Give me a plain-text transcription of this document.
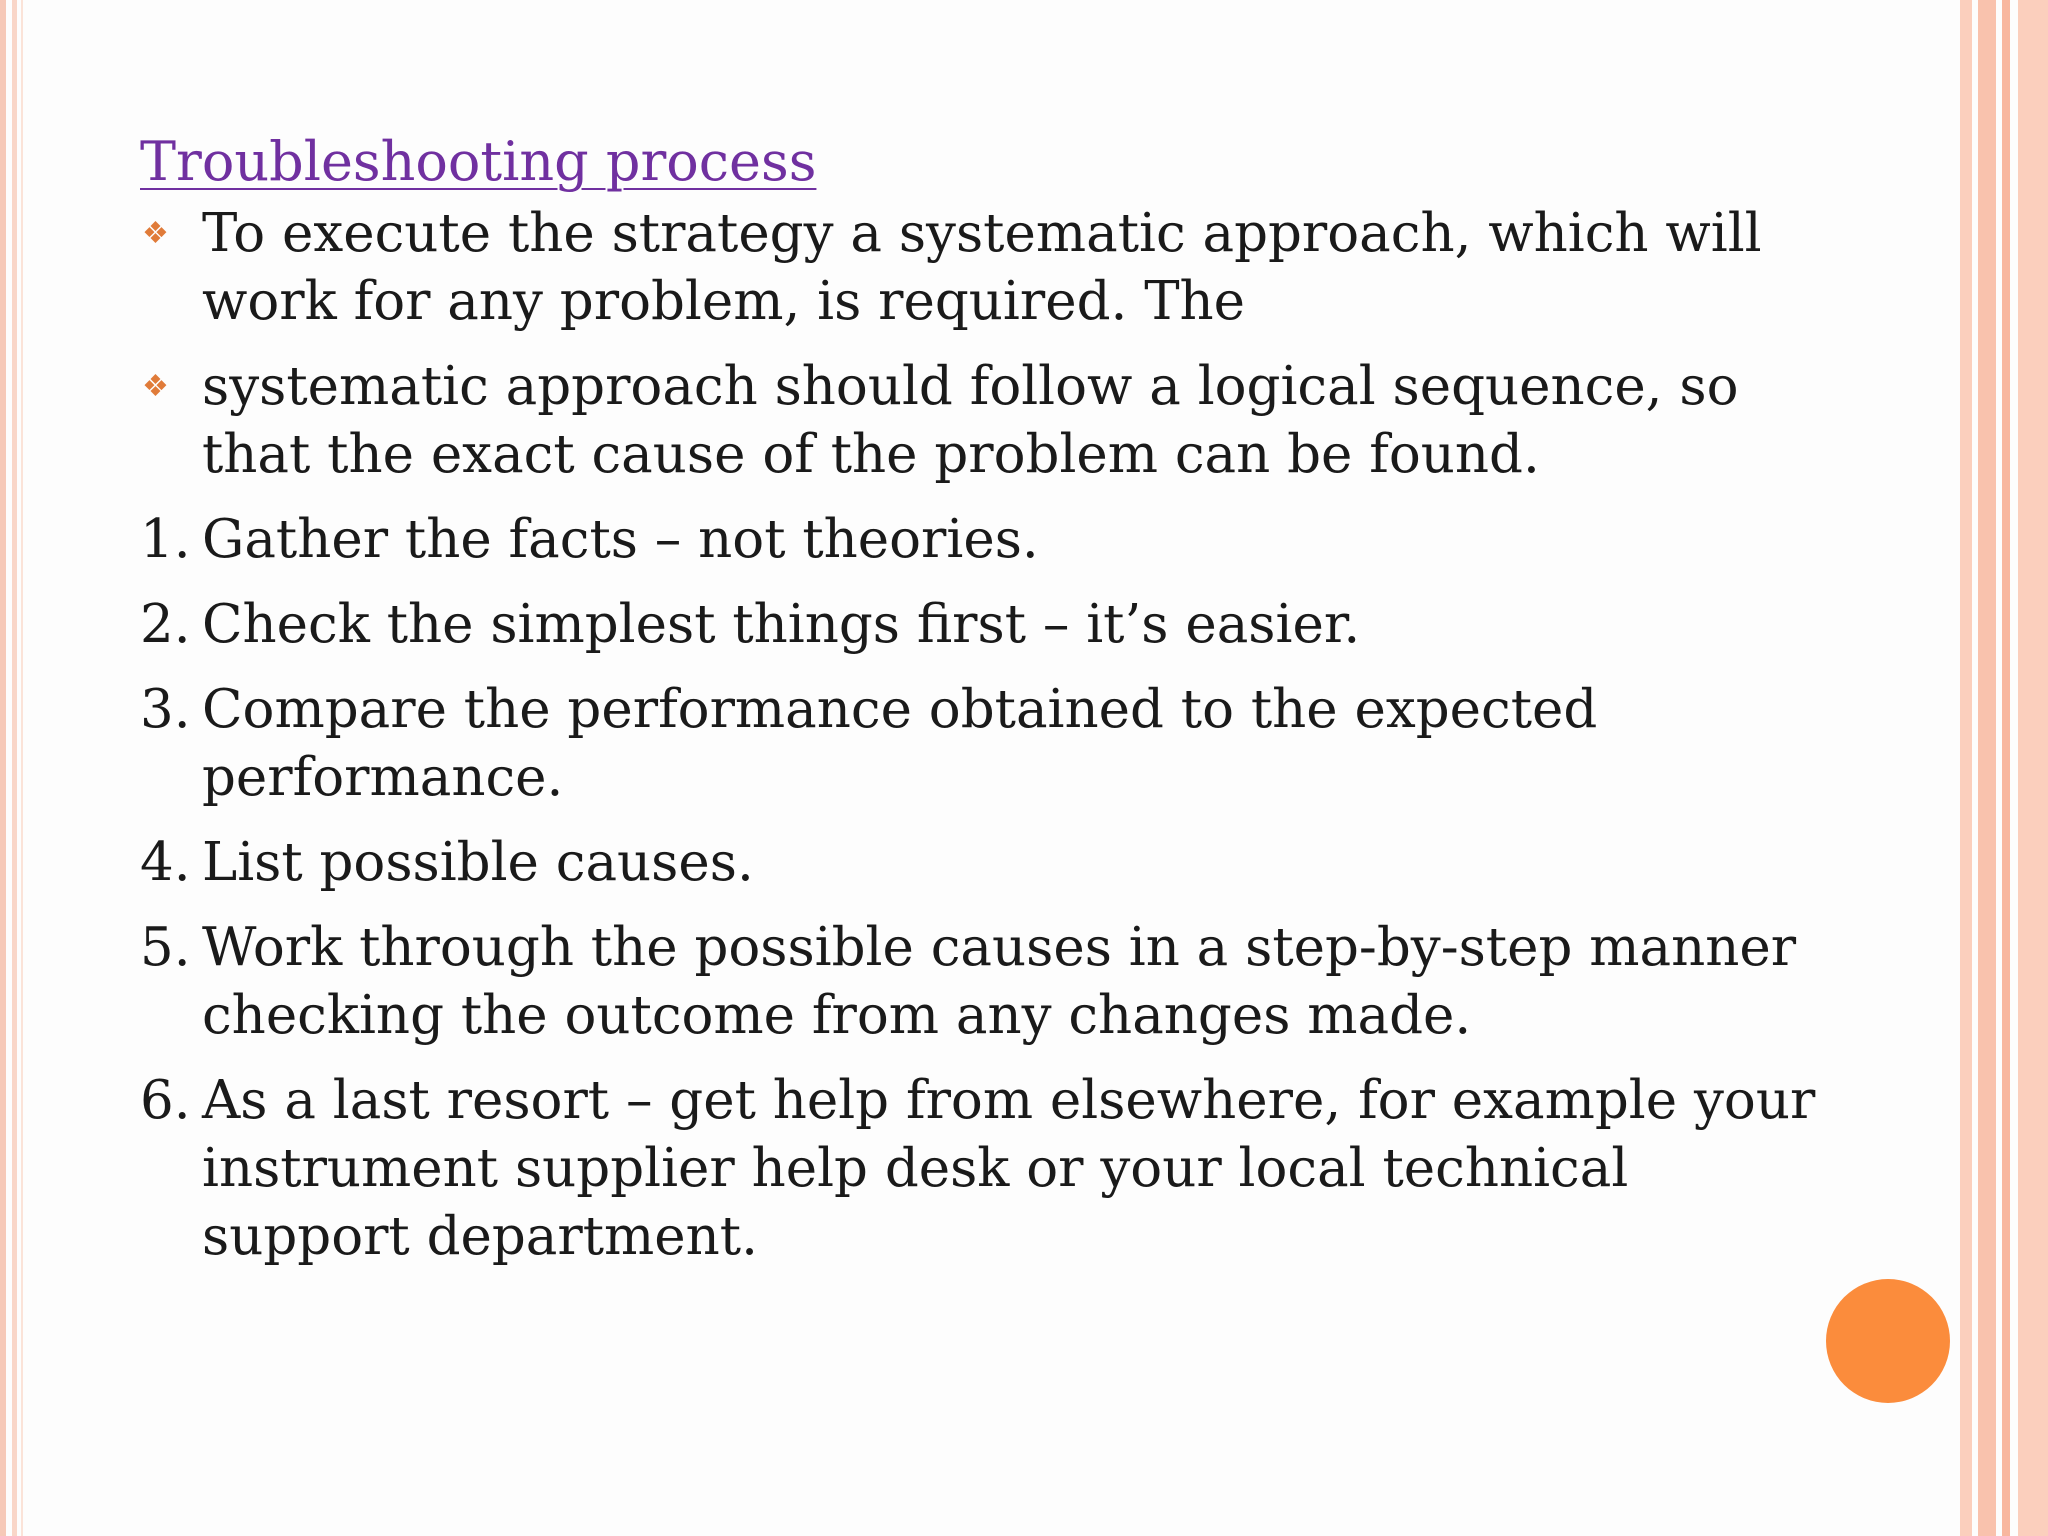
Troubleshooting process
❖ To execute the strategy a systematic approach, which will work for any problem, is required. The
❖ systematic approach should follow a logical sequence, so that the exact cause of the problem can be found.
1. Gather the facts – not theories.
2. Check the simplest things first – it’s easier.
3. Compare the performance obtained to the expected performance.
4. List possible causes.
5. Work through the possible causes in a step-by-step manner checking the outcome from any changes made.
6. As a last resort – get help from elsewhere, for example your instrument supplier help desk or your local technical support department.
